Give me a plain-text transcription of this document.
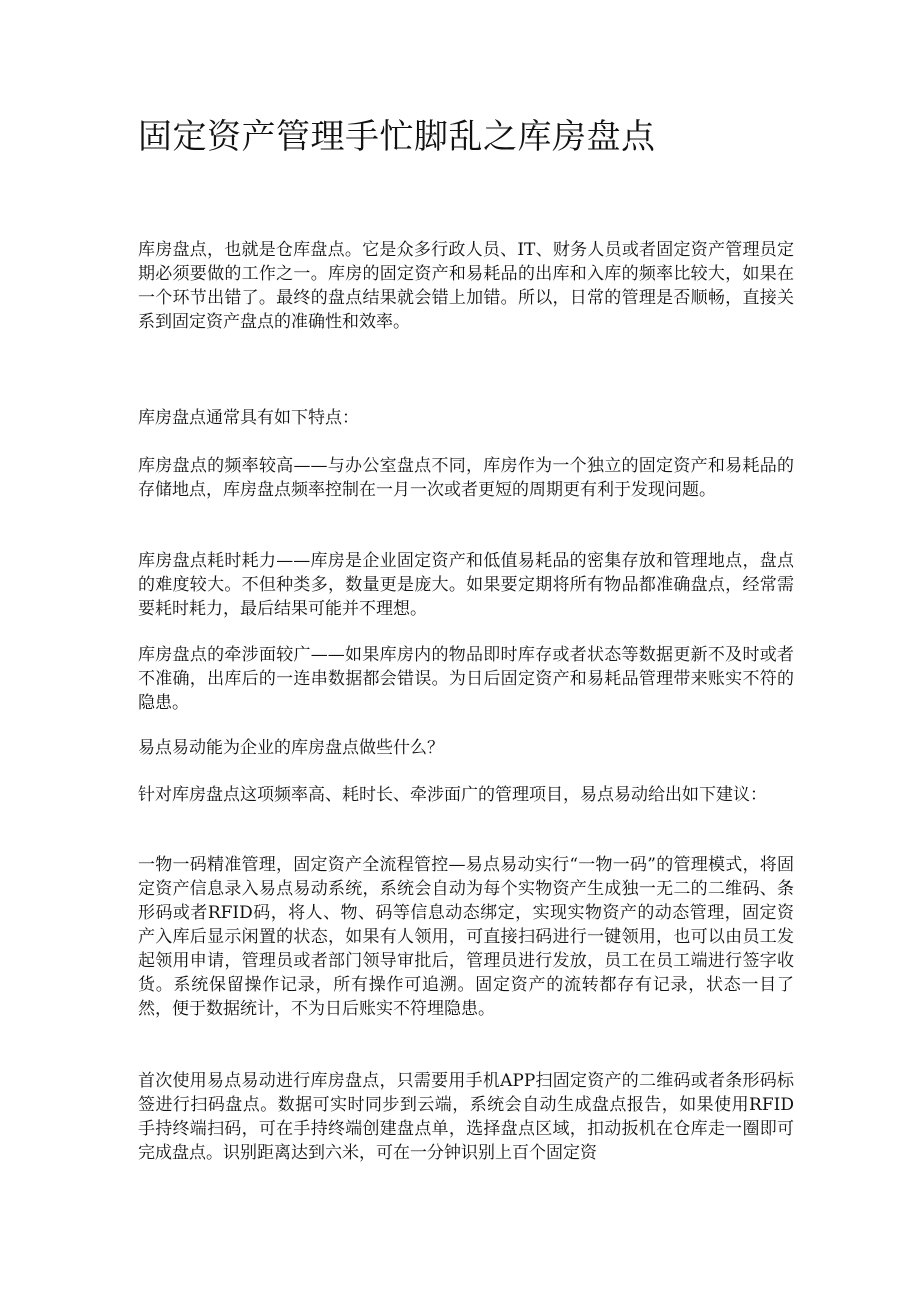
固定资产管理手忙脚乱之库房盘点

库房盘点，也就是仓库盘点。它是众多行政人员、IT、财务人员或者固定资产管理员定期必须要做的工作之一。库房的固定资产和易耗品的出库和入库的频率比较大，如果在一个环节出错了。最终的盘点结果就会错上加错。所以，日常的管理是否顺畅，直接关系到固定资产盘点的准确性和效率。

库房盘点通常具有如下特点：

库房盘点的频率较高——与办公室盘点不同，库房作为一个独立的固定资产和易耗品的存储地点，库房盘点频率控制在一月一次或者更短的周期更有利于发现问题。

库房盘点耗时耗力——库房是企业固定资产和低值易耗品的密集存放和管理地点，盘点的难度较大。不但种类多，数量更是庞大。如果要定期将所有物品都准确盘点，经常需要耗时耗力，最后结果可能并不理想。

库房盘点的牵涉面较广——如果库房内的物品即时库存或者状态等数据更新不及时或者不准确，出库后的一连串数据都会错误。为日后固定资产和易耗品管理带来账实不符的隐患。

易点易动能为企业的库房盘点做些什么？

针对库房盘点这项频率高、耗时长、牵涉面广的管理项目，易点易动给出如下建议：

一物一码精准管理，固定资产全流程管控—易点易动实行“一物一码”的管理模式，将固定资产信息录入易点易动系统，系统会自动为每个实物资产生成独一无二的二维码、条形码或者RFID码，将人、物、码等信息动态绑定，实现实物资产的动态管理，固定资产入库后显示闲置的状态，如果有人领用，可直接扫码进行一键领用，也可以由员工发起领用申请，管理员或者部门领导审批后，管理员进行发放，员工在员工端进行签字收货。系统保留操作记录，所有操作可追溯。固定资产的流转都存有记录，状态一目了然，便于数据统计，不为日后账实不符埋隐患。

首次使用易点易动进行库房盘点，只需要用手机APP扫固定资产的二维码或者条形码标签进行扫码盘点。数据可实时同步到云端，系统会自动生成盘点报告，如果使用RFID手持终端扫码，可在手持终端创建盘点单，选择盘点区域，扣动扳机在仓库走一圈即可完成盘点。识别距离达到六米，可在一分钟识别上百个固定资
